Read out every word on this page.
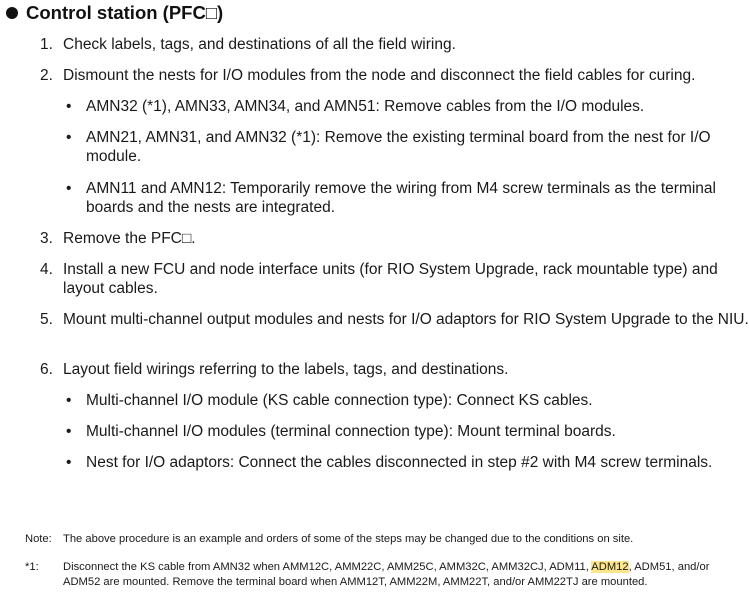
Control station (PFC□)
1. Check labels, tags, and destinations of all the field wiring.
2. Dismount the nests for I/O modules from the node and disconnect the field cables for curing.
• AMN32 (*1), AMN33, AMN34, and AMN51: Remove cables from the I/O modules.
• AMN21, AMN31, and AMN32 (*1): Remove the existing terminal board from the nest for I/O module.
• AMN11 and AMN12: Temporarily remove the wiring from M4 screw terminals as the terminal boards and the nests are integrated.
3. Remove the PFC□.
4. Install a new FCU and node interface units (for RIO System Upgrade, rack mountable type) and layout cables.
5. Mount multi-channel output modules and nests for I/O adaptors for RIO System Upgrade to the NIU.
6. Layout field wirings referring to the labels, tags, and destinations.
• Multi-channel I/O module (KS cable connection type): Connect KS cables.
• Multi-channel I/O modules (terminal connection type): Mount terminal boards.
• Nest for I/O adaptors: Connect the cables disconnected in step #2 with M4 screw terminals.
Note: The above procedure is an example and orders of some of the steps may be changed due to the conditions on site.
*1: Disconnect the KS cable from AMN32 when AMM12C, AMM22C, AMM25C, AMM32C, AMM32CJ, ADM11, ADM12, ADM51, and/or ADM52 are mounted. Remove the terminal board when AMM12T, AMM22M, AMM22T, and/or AMM22TJ are mounted.
